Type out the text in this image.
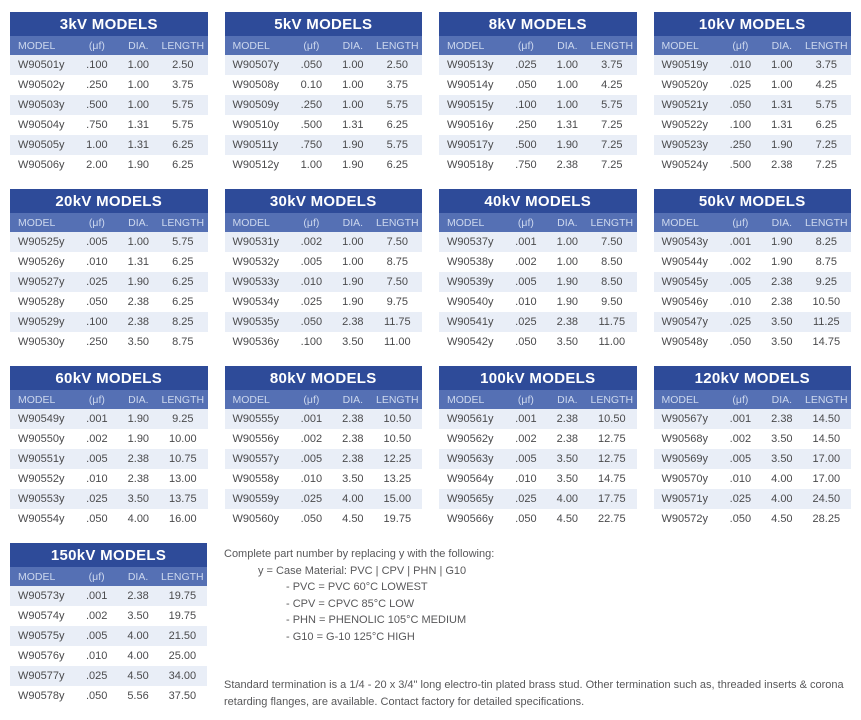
3kV MODELS
MODEL	(μf)	DIA.	LENGTH
W90501y	.100	1.00	2.50
W90502y	.250	1.00	3.75
W90503y	.500	1.00	5.75
W90504y	.750	1.31	5.75
W90505y	1.00	1.31	6.25
W90506y	2.00	1.90	6.25
5kV MODELS
MODEL	(μf)	DIA.	LENGTH
W90507y	.050	1.00	2.50
W90508y	0.10	1.00	3.75
W90509y	.250	1.00	5.75
W90510y	.500	1.31	6.25
W90511y	.750	1.90	5.75
W90512y	1.00	1.90	6.25
8kV MODELS
MODEL	(μf)	DIA.	LENGTH
W90513y	.025	1.00	3.75
W90514y	.050	1.00	4.25
W90515y	.100	1.00	5.75
W90516y	.250	1.31	7.25
W90517y	.500	1.90	7.25
W90518y	.750	2.38	7.25
10kV MODELS
MODEL	(μf)	DIA.	LENGTH
W90519y	.010	1.00	3.75
W90520y	.025	1.00	4.25
W90521y	.050	1.31	5.75
W90522y	.100	1.31	6.25
W90523y	.250	1.90	7.25
W90524y	.500	2.38	7.25
20kV MODELS
MODEL	(μf)	DIA.	LENGTH
W90525y	.005	1.00	5.75
W90526y	.010	1.31	6.25
W90527y	.025	1.90	6.25
W90528y	.050	2.38	6.25
W90529y	.100	2.38	8.25
W90530y	.250	3.50	8.75
30kV MODELS
MODEL	(μf)	DIA.	LENGTH
W90531y	.002	1.00	7.50
W90532y	.005	1.00	8.75
W90533y	.010	1.90	7.50
W90534y	.025	1.90	9.75
W90535y	.050	2.38	11.75
W90536y	.100	3.50	11.00
40kV MODELS
MODEL	(μf)	DIA.	LENGTH
W90537y	.001	1.00	7.50
W90538y	.002	1.00	8.50
W90539y	.005	1.90	8.50
W90540y	.010	1.90	9.50
W90541y	.025	2.38	11.75
W90542y	.050	3.50	11.00
50kV MODELS
MODEL	(μf)	DIA.	LENGTH
W90543y	.001	1.90	8.25
W90544y	.002	1.90	8.75
W90545y	.005	2.38	9.25
W90546y	.010	2.38	10.50
W90547y	.025	3.50	11.25
W90548y	.050	3.50	14.75
60kV MODELS
MODEL	(μf)	DIA.	LENGTH
W90549y	.001	1.90	9.25
W90550y	.002	1.90	10.00
W90551y	.005	2.38	10.75
W90552y	.010	2.38	13.00
W90553y	.025	3.50	13.75
W90554y	.050	4.00	16.00
80kV MODELS
MODEL	(μf)	DIA.	LENGTH
W90555y	.001	2.38	10.50
W90556y	.002	2.38	10.50
W90557y	.005	2.38	12.25
W90558y	.010	3.50	13.25
W90559y	.025	4.00	15.00
W90560y	.050	4.50	19.75
100kV MODELS
MODEL	(μf)	DIA.	LENGTH
W90561y	.001	2.38	10.50
W90562y	.002	2.38	12.75
W90563y	.005	3.50	12.75
W90564y	.010	3.50	14.75
W90565y	.025	4.00	17.75
W90566y	.050	4.50	22.75
120kV MODELS
MODEL	(μf)	DIA.	LENGTH
W90567y	.001	2.38	14.50
W90568y	.002	3.50	14.50
W90569y	.005	3.50	17.00
W90570y	.010	4.00	17.00
W90571y	.025	4.00	24.50
W90572y	.050	4.50	28.25
150kV MODELS
MODEL	(μf)	DIA.	LENGTH
W90573y	.001	2.38	19.75
W90574y	.002	3.50	19.75
W90575y	.005	4.00	21.50
W90576y	.010	4.00	25.00
W90577y	.025	4.50	34.00
W90578y	.050	5.56	37.50
Complete part number by replacing y with the following:
y = Case Material: PVC | CPV | PHN | G10
- PVC = PVC 60°C LOWEST
- CPV = CPVC 85°C LOW
- PHN = PHENOLIC 105°C MEDIUM
- G10 = G-10 125°C HIGH

Standard termination is a 1/4 - 20 x 3/4" long electro-tin plated brass stud. Other termination such as, threaded inserts & corona retarding flanges, are available. Contact factory for detailed specifications.
